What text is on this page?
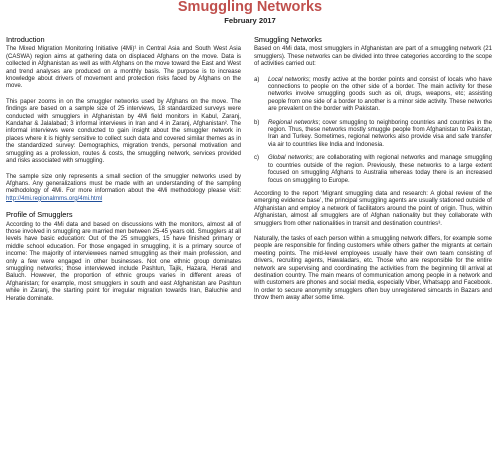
Smuggling Networks
February 2017
Introduction

The Mixed Migration Monitoring Initiative (4Mi)¹ in Central Asia and South West Asia (CASWA) region aims at gathering data on displaced Afghans on the move. Data is collected in Afghanistan as well as with Afghans on the move toward the East and West and trend analyses are produced on a monthly basis. The purpose is to increase knowledge about drivers of movement and protection risks faced by Afghans on the move.

This paper zooms in on the smuggler networks used by Afghans on the move. The findings are based on a sample size of 25 interviews, 18 standardized surveys were conducted with smugglers in Afghanistan by 4Mi field monitors in Kabul, Zaranj, Kandahar & Jalalabad; 3 informal interviews in Iran and 4 in Zaranj, Afghanistan². The informal interviews were conducted to gain insight about the smuggler network in places where it is highly sensitive to collect such data and covered similar themes as in the standardized survey: Demographics, migration trends, personal motivation and smuggling as a profession, routes & costs, the smuggling network, services provided and risks associated with smuggling.

The sample size only represents a small section of the smuggler networks used by Afghans. Any generalizations must be made with an understanding of the sampling methodology of 4Mi. For more information about the 4Mi methodology please visit: http://4mi.regionalmms.org/4mi.html

Profile of Smugglers

According to the 4Mi data and based on discussions with the monitors, almost all of those involved in smuggling are married men between 25-45 years old. Smugglers at all levels have basic education: Out of the 25 smugglers, 15 have finished primary or middle school education. For those engaged in smuggling, it is a primary source of income: The majority of interviewees named smuggling as their main profession, and only a few were engaged in other businesses. Not one ethnic group dominates smuggling networks; those interviewed include Pashtun, Tajik, Hazara, Herati and Baluch. However, the proportion of ethnic groups varies in different areas of Afghanistan; for example, most smugglers in south and east Afghanistan are Pashtun while in Zaranj, the starting point for irregular migration towards Iran, Baluchie and Heratie dominate.

Smuggling Networks

Based on 4Mi data, most smugglers in Afghanistan are part of a smuggling network (21 smugglers). These networks can be divided into three categories according to the scope of activities carried out:

a)	Local networks; mostly active at the border points and consist of locals who have connections to people on the other side of a border. The main activity for these networks involve smuggling goods such as oil, drugs, weapons, etc; assisting people from one side of a border to another is a minor side activity. These networks are prevalent on the border with Pakistan.
b)	Regional networks; cover smuggling to neighboring countries and countries in the region. Thus, these networks mostly smuggle people from Afghanistan to Pakistan, Iran and Turkey. Sometimes, regional networks also provide visa and safe transfer via air to countries like India and Indonesia.
c)	Global networks; are collaborating with regional networks and manage smuggling to countries outside of the region. Previously, these networks to a large extent focused on smuggling Afghans to Australia whereas today there is an increased focus on smuggling to Europe.

According to the report ‘Migrant smuggling data and research: A global review of the emerging evidence base’, the principal smuggling agents are usually stationed outside of Afghanistan and employ a network of facilitators around the point of origin. Thus, within Afghanistan, almost all smugglers are of Afghan nationality but they collaborate with smugglers from other nationalities in transit and destination countries³.

Naturally, the tasks of each person within a smuggling network differs, for example some people are responsible for finding customers while others gather the migrants at certain meeting points. The mid-level employees usually have their own team consisting of drivers, recruiting agents, Hawaladars, etc. Those who are responsible for the entire network are supervising and coordinating the activities from the beginning till arrival at destination country. The main means of communication among people in a network and with customers are phones and social media, especially Viber, Whatsapp and Facebook. In order to secure anonymity smugglers often buy unregistered simcards in Bazars and throw them away after some time.
